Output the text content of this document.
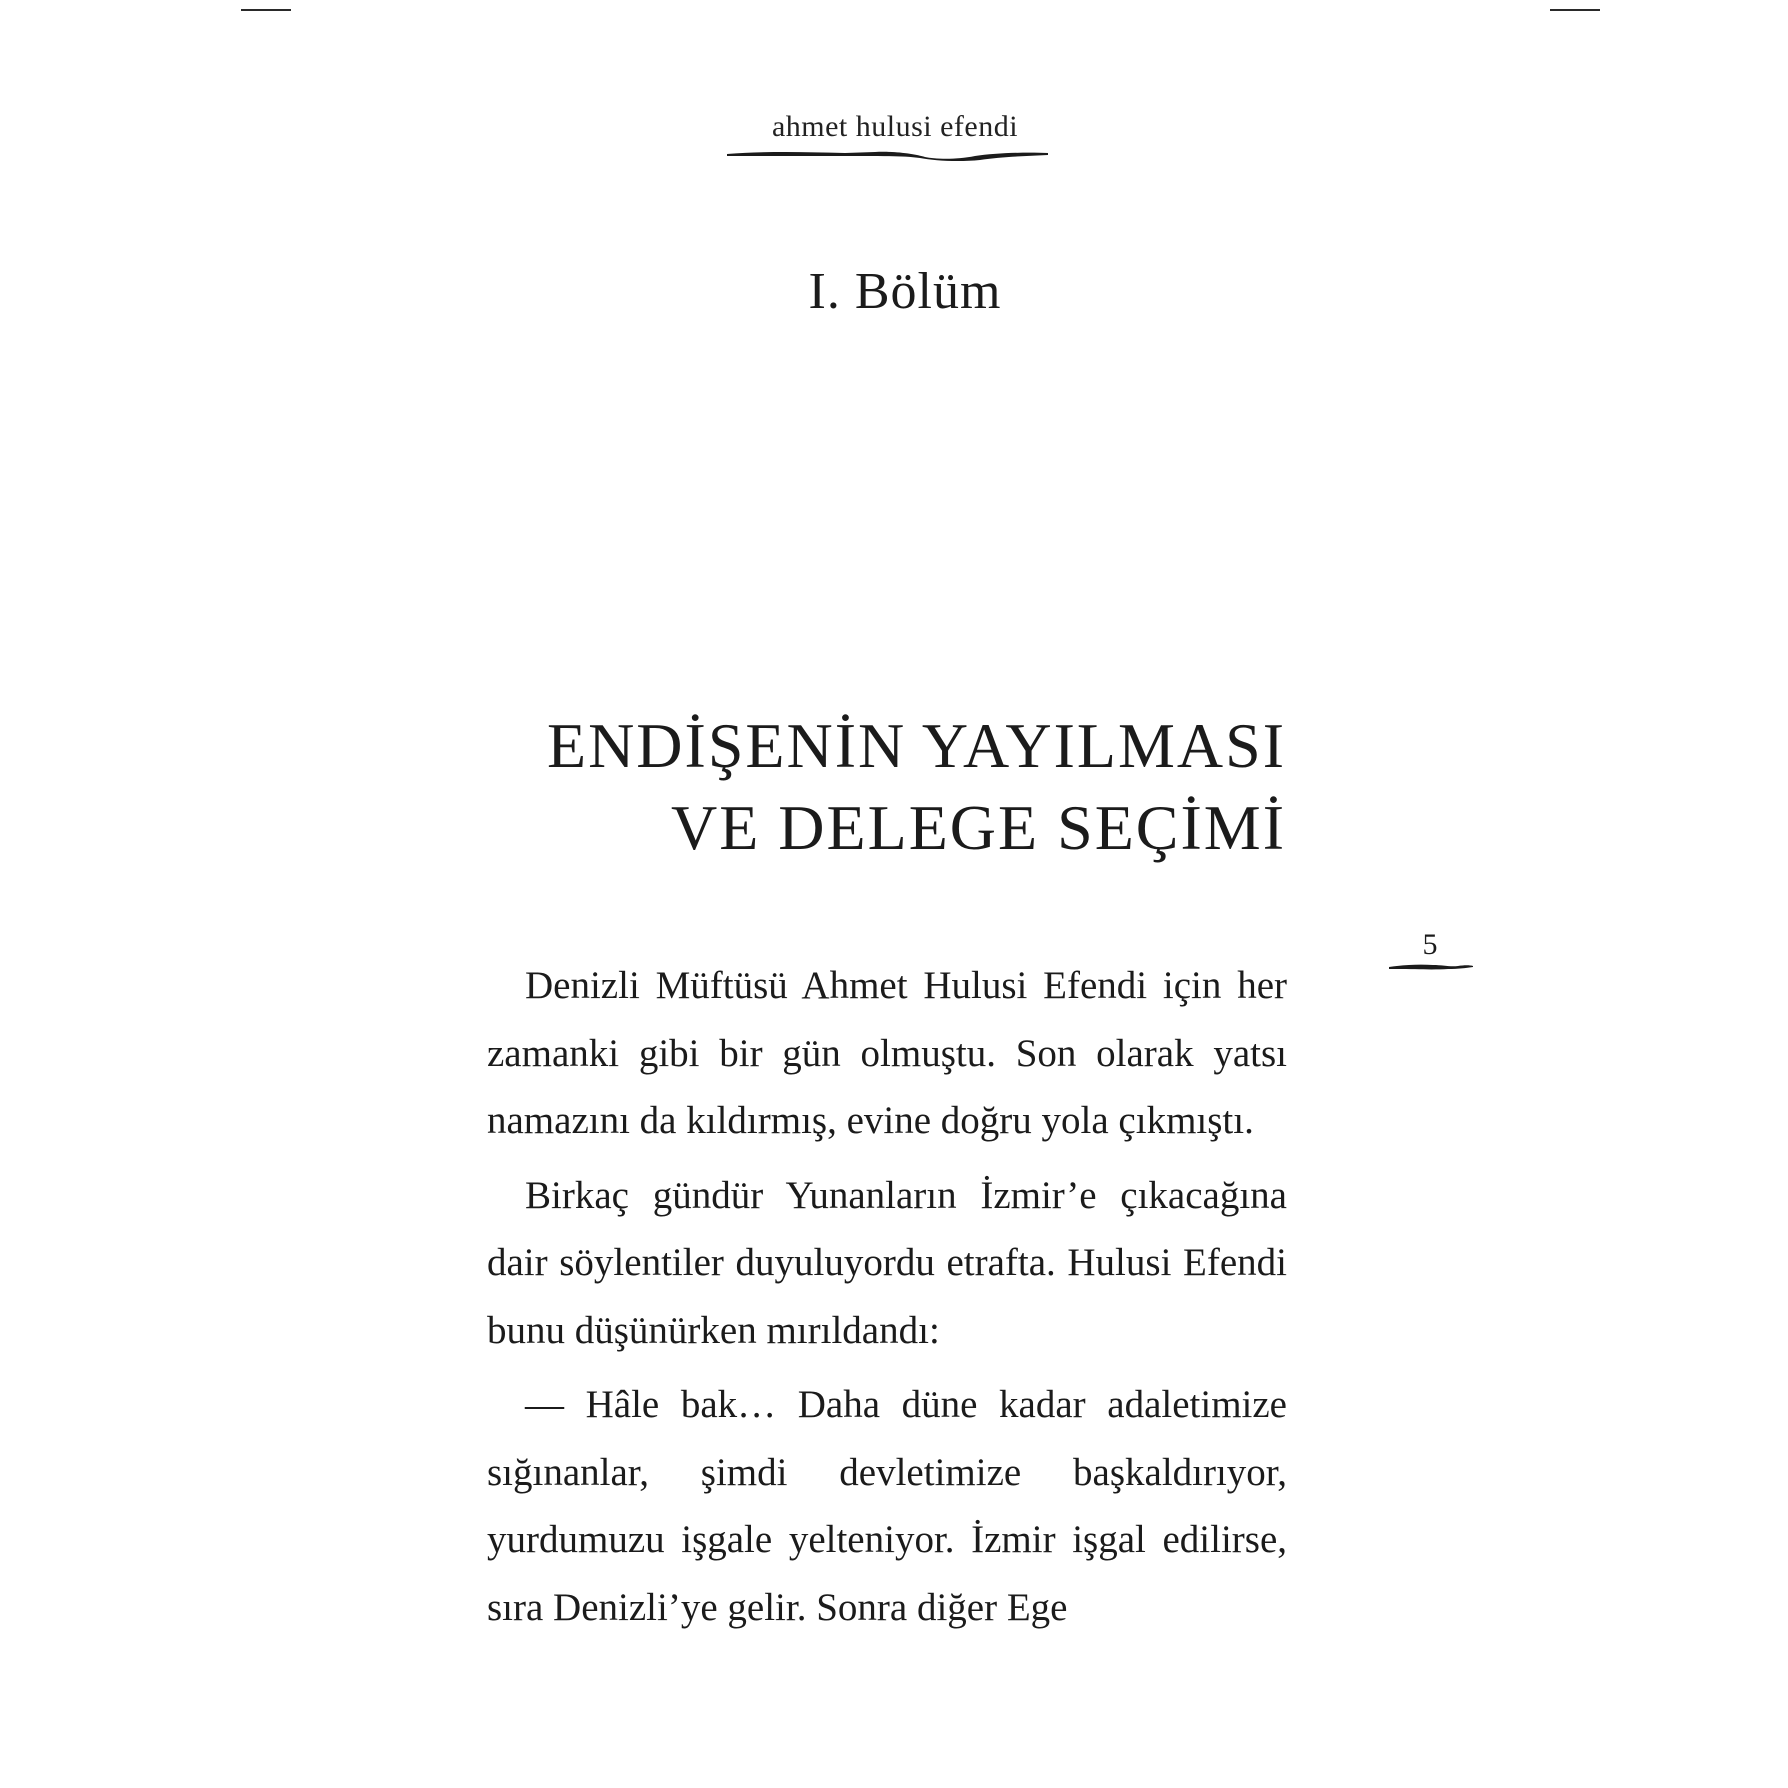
ahmet hulusi efendi
I. Bölüm
ENDİŞENİN YAYILMASI
VE DELEGE SEÇİMİ
5

Denizli Müftüsü Ahmet Hulusi Efendi için her zamanki gibi bir gün olmuştu. Son olarak yatsı namazını da kıldırmış, evine doğru yola çıkmıştı.

Birkaç gündür Yunanların İzmir’e çıkacağına dair söylentiler duyuluyordu etrafta. Hulusi Efendi bunu düşünürken mırıldandı:

— Hâle bak… Daha düne kadar adaletimize sığınanlar, şimdi devletimize başkaldırıyor, yurdumuzu işgale yelteniyor. İzmir işgal edilirse, sıra Denizli’ye gelir. Sonra diğer Ege
